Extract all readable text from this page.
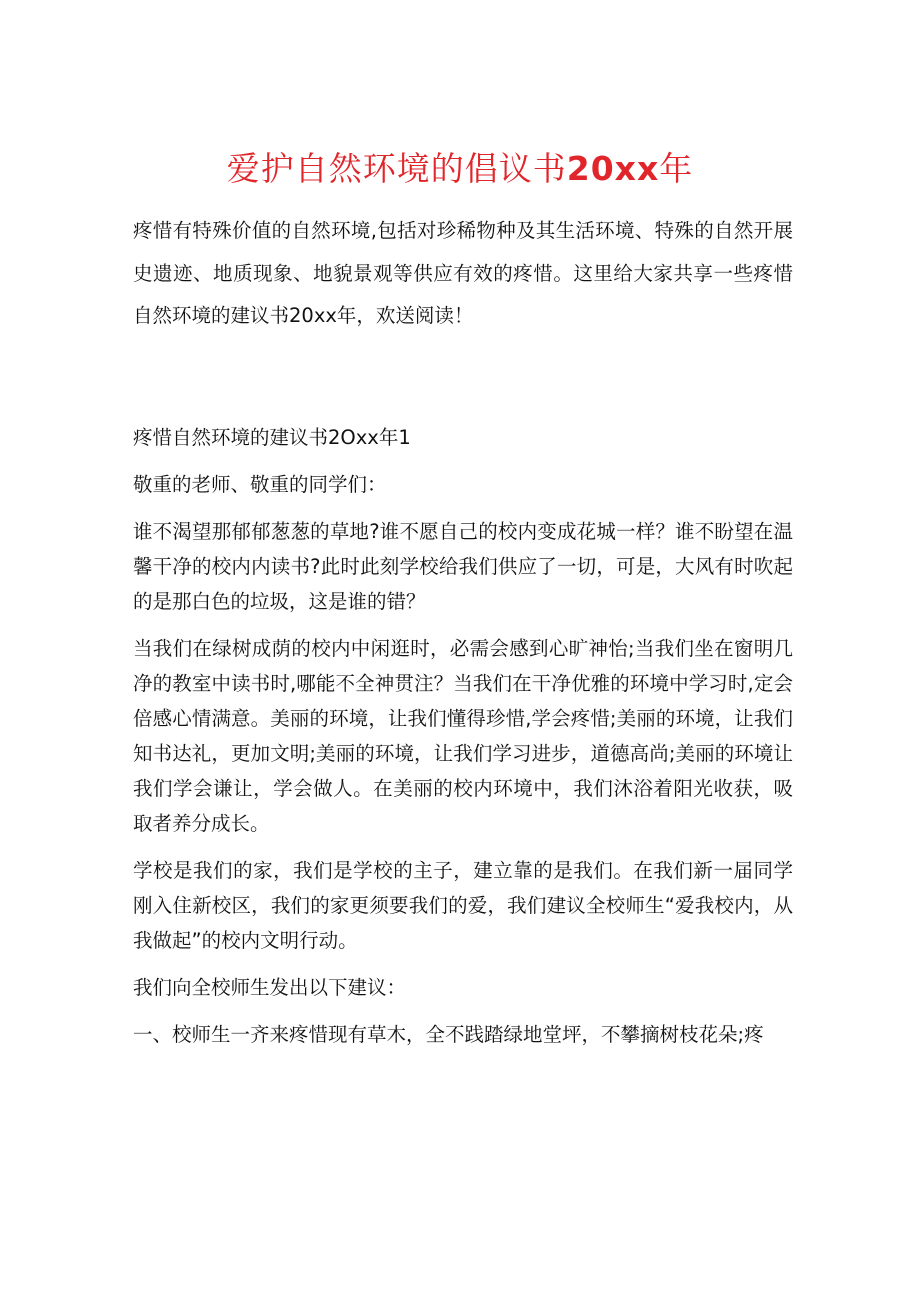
爱护自然环境的倡议书20xx年

疼惜有特殊价值的自然环境,包括对珍稀物种及其生活环境、特殊的自然开展史遗迹、地质现象、地貌景观等供应有效的疼惜。这里给大家共享一些疼惜自然环境的建议书20xx年，欢送阅读！

疼惜自然环境的建议书2Oxx年1

敬重的老师、敬重的同学们：

谁不渴望那郁郁葱葱的草地?谁不愿自己的校内变成花城一样？谁不盼望在温馨干净的校内内读书?此时此刻学校给我们供应了一切，可是，大风有时吹起的是那白色的垃圾，这是谁的错？

当我们在绿树成荫的校内中闲逛时，必需会感到心旷神怡;当我们坐在窗明几净的教室中读书时,哪能不全神贯注？当我们在干净优雅的环境中学习时,定会倍感心情满意。美丽的环境，让我们懂得珍惜,学会疼惜;美丽的环境，让我们知书达礼，更加文明;美丽的环境，让我们学习进步，道德高尚;美丽的环境让我们学会谦让，学会做人。在美丽的校内环境中，我们沐浴着阳光收获，吸取者养分成长。

学校是我们的家，我们是学校的主子，建立靠的是我们。在我们新一届同学刚入住新校区，我们的家更须要我们的爱，我们建议全校师生“爱我校内，从我做起”的校内文明行动。

我们向全校师生发出以下建议：

一、校师生一齐来疼惜现有草木，全不践踏绿地堂坪，不攀摘树枝花朵;疼
